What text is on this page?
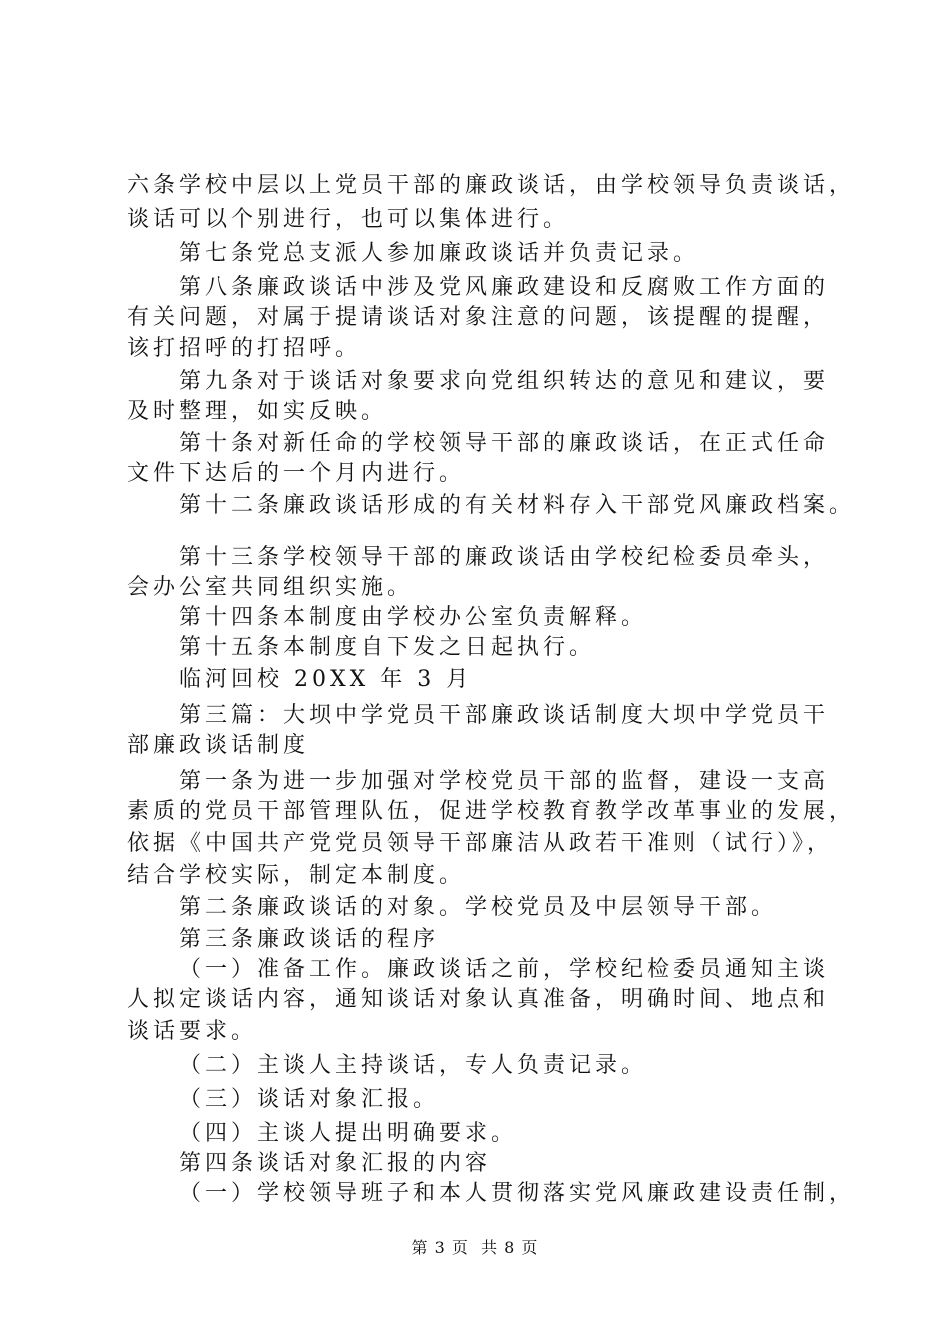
六条学校中层以上党员干部的廉政谈话，由学校领导负责谈话，
谈话可以个别进行，也可以集体进行。
第七条党总支派人参加廉政谈话并负责记录。
第八条廉政谈话中涉及党风廉政建设和反腐败工作方面的
有关问题，对属于提请谈话对象注意的问题，该提醒的提醒，
该打招呼的打招呼。
第九条对于谈话对象要求向党组织转达的意见和建议，要
及时整理，如实反映。
第十条对新任命的学校领导干部的廉政谈话，在正式任命
文件下达后的一个月内进行。
第十二条廉政谈话形成的有关材料存入干部党风廉政档案。
第十三条学校领导干部的廉政谈话由学校纪检委员牵头，
会办公室共同组织实施。
第十四条本制度由学校办公室负责解释。
第十五条本制度自下发之日起执行。
临河回校 20XX 年 3 月
第三篇：大坝中学党员干部廉政谈话制度大坝中学党员干
部廉政谈话制度
第一条为进一步加强对学校党员干部的监督，建设一支高
素质的党员干部管理队伍，促进学校教育教学改革事业的发展，
依据《中国共产党党员领导干部廉洁从政若干准则（试行）》，
结合学校实际，制定本制度。
第二条廉政谈话的对象。学校党员及中层领导干部。
第三条廉政谈话的程序
（一）准备工作。廉政谈话之前，学校纪检委员通知主谈
人拟定谈话内容，通知谈话对象认真准备，明确时间、地点和
谈话要求。
（二）主谈人主持谈话，专人负责记录。
（三）谈话对象汇报。
（四）主谈人提出明确要求。
第四条谈话对象汇报的内容
（一）学校领导班子和本人贯彻落实党风廉政建设责任制，
第 3 页  共 8 页
